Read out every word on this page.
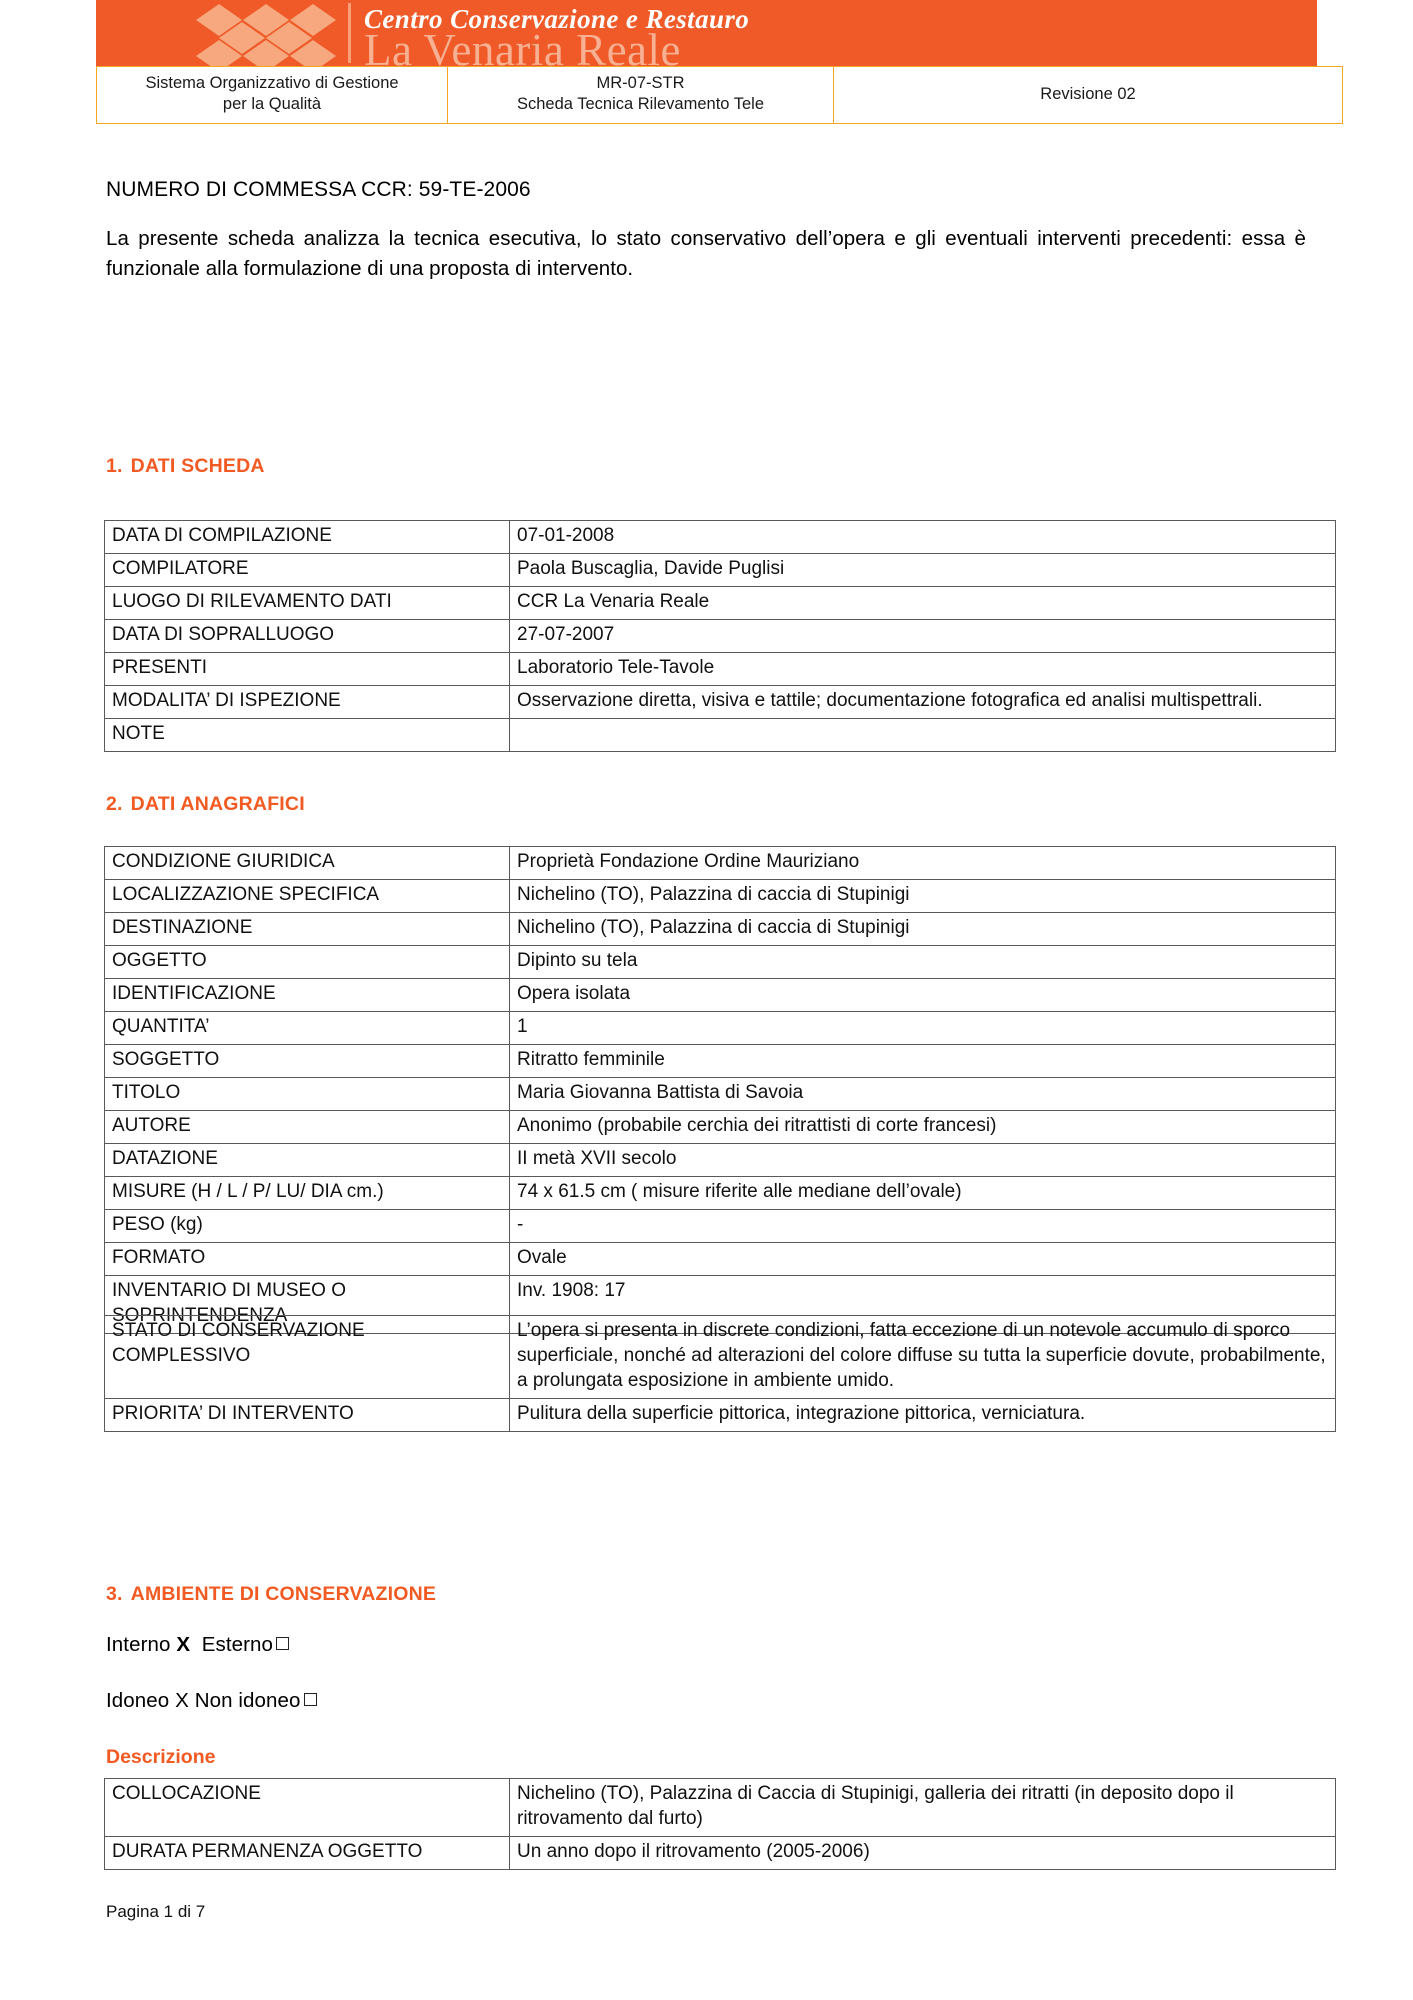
Centro Conservazione e Restauro
La Venaria Reale
Sistema Organizzativo di Gestione
per la Qualità

MR-07-STR
Scheda Tecnica Rilevamento Tele
	Revisione 02
NUMERO DI COMMESSA CCR: 59-TE-2006
La presente scheda analizza la tecnica esecutiva, lo stato conservativo dell’opera e gli eventuali interventi precedenti: essa è funzionale alla formulazione di una proposta di intervento.
1. DATI SCHEDA
DATA DI COMPILAZIONE	07-01-2008
COMPILATORE	Paola Buscaglia, Davide Puglisi
LUOGO DI RILEVAMENTO DATI	CCR La Venaria Reale
DATA DI SOPRALLUOGO	27-07-2007
PRESENTI	Laboratorio Tele-Tavole
MODALITA’ DI ISPEZIONE	Osservazione diretta, visiva e tattile; documentazione fotografica ed analisi multispettrali.
NOTE	
2. DATI ANAGRAFICI
CONDIZIONE GIURIDICA	Proprietà Fondazione Ordine Mauriziano
LOCALIZZAZIONE SPECIFICA	Nichelino (TO), Palazzina di caccia di Stupinigi
DESTINAZIONE	Nichelino (TO), Palazzina di caccia di Stupinigi
OGGETTO	Dipinto su tela
IDENTIFICAZIONE	Opera isolata
QUANTITA’	1
SOGGETTO	Ritratto femminile
TITOLO	Maria Giovanna Battista di Savoia
AUTORE	Anonimo (probabile cerchia dei ritrattisti di corte francesi)
DATAZIONE	II metà XVII secolo
MISURE (H / L / P/ LU/ DIA cm.)	74 x 61.5 cm ( misure riferite alle mediane dell’ovale)
PESO (kg)	-
FORMATO	Ovale
INVENTARIO DI MUSEO O SOPRINTENDENZA	Inv. 1908: 17
STATO DI CONSERVAZIONE COMPLESSIVO	L’opera si presenta in discrete condizioni, fatta eccezione di un notevole accumulo di sporco superficiale, nonché ad alterazioni del colore diffuse su tutta la superficie dovute, probabilmente, a prolungata esposizione in ambiente umido.
PRIORITA’ DI INTERVENTO	Pulitura della superficie pittorica, integrazione pittorica, verniciatura.
3. AMBIENTE DI CONSERVAZIONE
Interno X Esterno
Idoneo X Non idoneo
Descrizione
COLLOCAZIONE	Nichelino (TO), Palazzina di Caccia di Stupinigi, galleria dei ritratti (in deposito dopo il ritrovamento dal furto)
DURATA PERMANENZA OGGETTO	Un anno dopo il ritrovamento (2005-2006)
Pagina 1 di 7
